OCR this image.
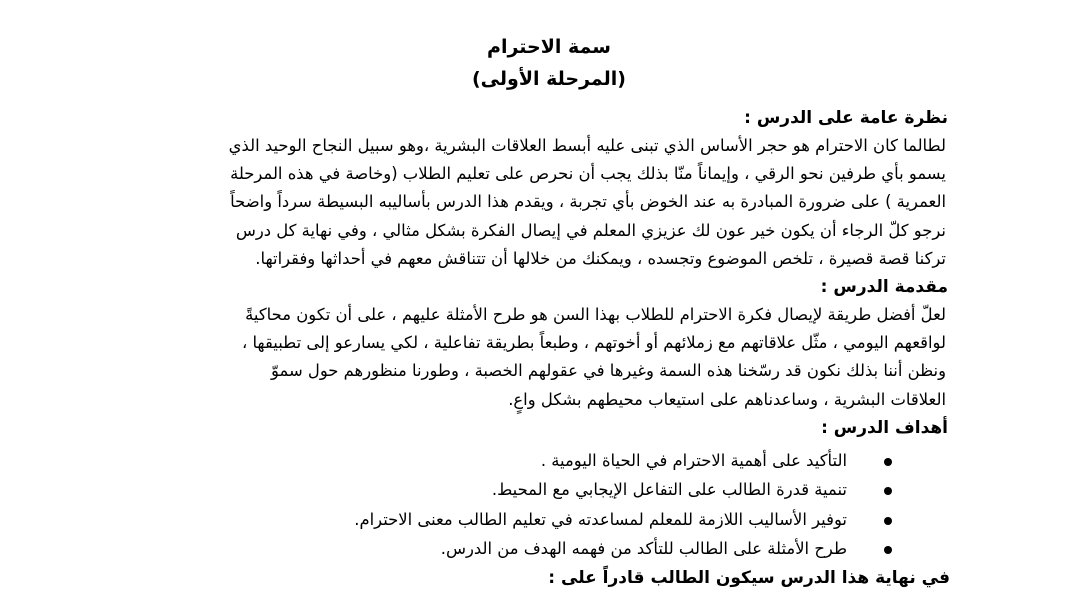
سمة الاحترام

(المرحلة الأولى)

نظرة عامة على الدرس :

لطالما كان الاحترام هو حجر الأساس الذي تبنى عليه أبسط العلاقات البشرية ،وهو سبيل النجاح الوحيد الذي
يسمو بأي طرفين نحو الرقي ، وإيماناً منّا بذلك يجب أن نحرص على تعليم الطلاب (وخاصة في هذه المرحلة
العمرية ) على ضرورة المبادرة به عند الخوض بأي تجربة ، ويقدم هذا الدرس بأساليبه البسيطة سرداً واضحاً
نرجو كلّ الرجاء أن يكون خير عون لك عزيزي المعلم في إيصال الفكرة بشكل مثالي ، وفي نهاية كل درس
تركنا قصة قصيرة ، تلخص الموضوع وتجسده ، ويمكنك من خلالها أن تتناقش معهم في أحداثها وفقراتها.

مقدمة الدرس :

لعلّ أفضل طريقة لإيصال فكرة الاحترام للطلاب بهذا السن هو طرح الأمثلة عليهم ، على أن تكون محاكيةً
لواقعهم اليومي ، مثّل علاقاتهم مع زملائهم أو أخوتهم ، وطبعاً بطريقة تفاعلية ، لكي يسارعو إلى تطبيقها ،
ونظن أننا بذلك نكون قد رسّخنا هذه السمة وغيرها في عقولهم الخصبة ، وطورنا منظورهم حول سموّ
العلاقات البشرية ، وساعدناهم على استيعاب محيطهم بشكل واعٍ.

أهداف الدرس :

التأكيد على أهمية الاحترام في الحياة اليومية .
تنمية قدرة الطالب على التفاعل الإيجابي مع المحيط.
توفير الأساليب اللازمة للمعلم لمساعدته في تعليم الطالب معنى الاحترام.
طرح الأمثلة على الطالب للتأكد من فهمه الهدف من الدرس.

في نهاية هذا الدرس سيكون الطالب قادراً على :
